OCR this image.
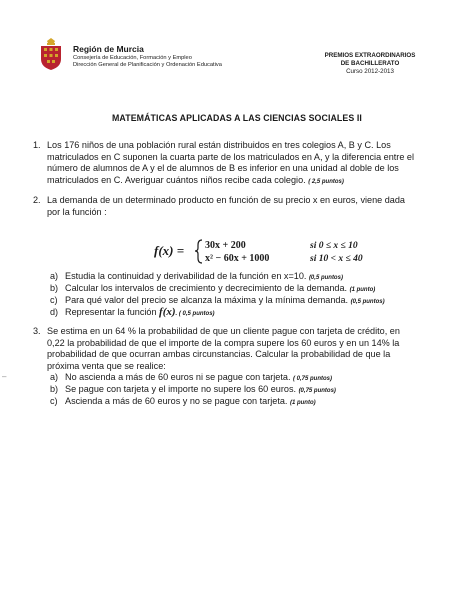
Región de Murcia
Consejería de Educación, Formación y Empleo
Dirección General de Planificación y Ordenación Educativa
PREMIOS EXTRAORDINARIOS
DE BACHILLERATO
Curso 2012-2013
MATEMÁTICAS APLICADAS A LAS CIENCIAS SOCIALES II
1. Los 176 niños de una población rural están distribuidos en tres colegios A, B y C. Los
matriculados en C suponen la cuarta parte de los matriculados en A, y la diferencia entre el
número de alumnos de A y el de alumnos de B es inferior en una unidad al doble de los
matriculados en C. Averiguar cuántos niños recibe cada colegio. ( 2,5 puntos)
2. La demanda de un determinado producto en función de su precio x en euros, viene dada
por la función :
f(x) = 30x + 200	si 0 ≤ x ≤ 10
x² − 60x + 1000	si 10 < x ≤ 40
a) Estudia la continuidad y derivabilidad de la función en x=10. (0,5 puntos)
b) Calcular los intervalos de crecimiento y decrecimiento de la demanda. (1 punto)
c) Para qué valor del precio se alcanza la máxima y la mínima demanda. (0,5 puntos)
d) Representar la función f(x). ( 0,5 puntos)
3. Se estima en un 64 % la probabilidad de que un cliente pague con tarjeta de crédito, en
0,22 la probabilidad de que el importe de la compra supere los 60 euros y en un 14% la
probabilidad de que ocurran ambas circunstancias. Calcular la probabilidad de que la
próxima venta que se realice:
a) No ascienda a más de 60 euros ni se pague con tarjeta. ( 0,75 puntos)
b) Se pague con tarjeta y el importe no supere los 60 euros. (0,75 puntos)
c) Ascienda a más de 60 euros y no se pague con tarjeta. (1 punto)
–
